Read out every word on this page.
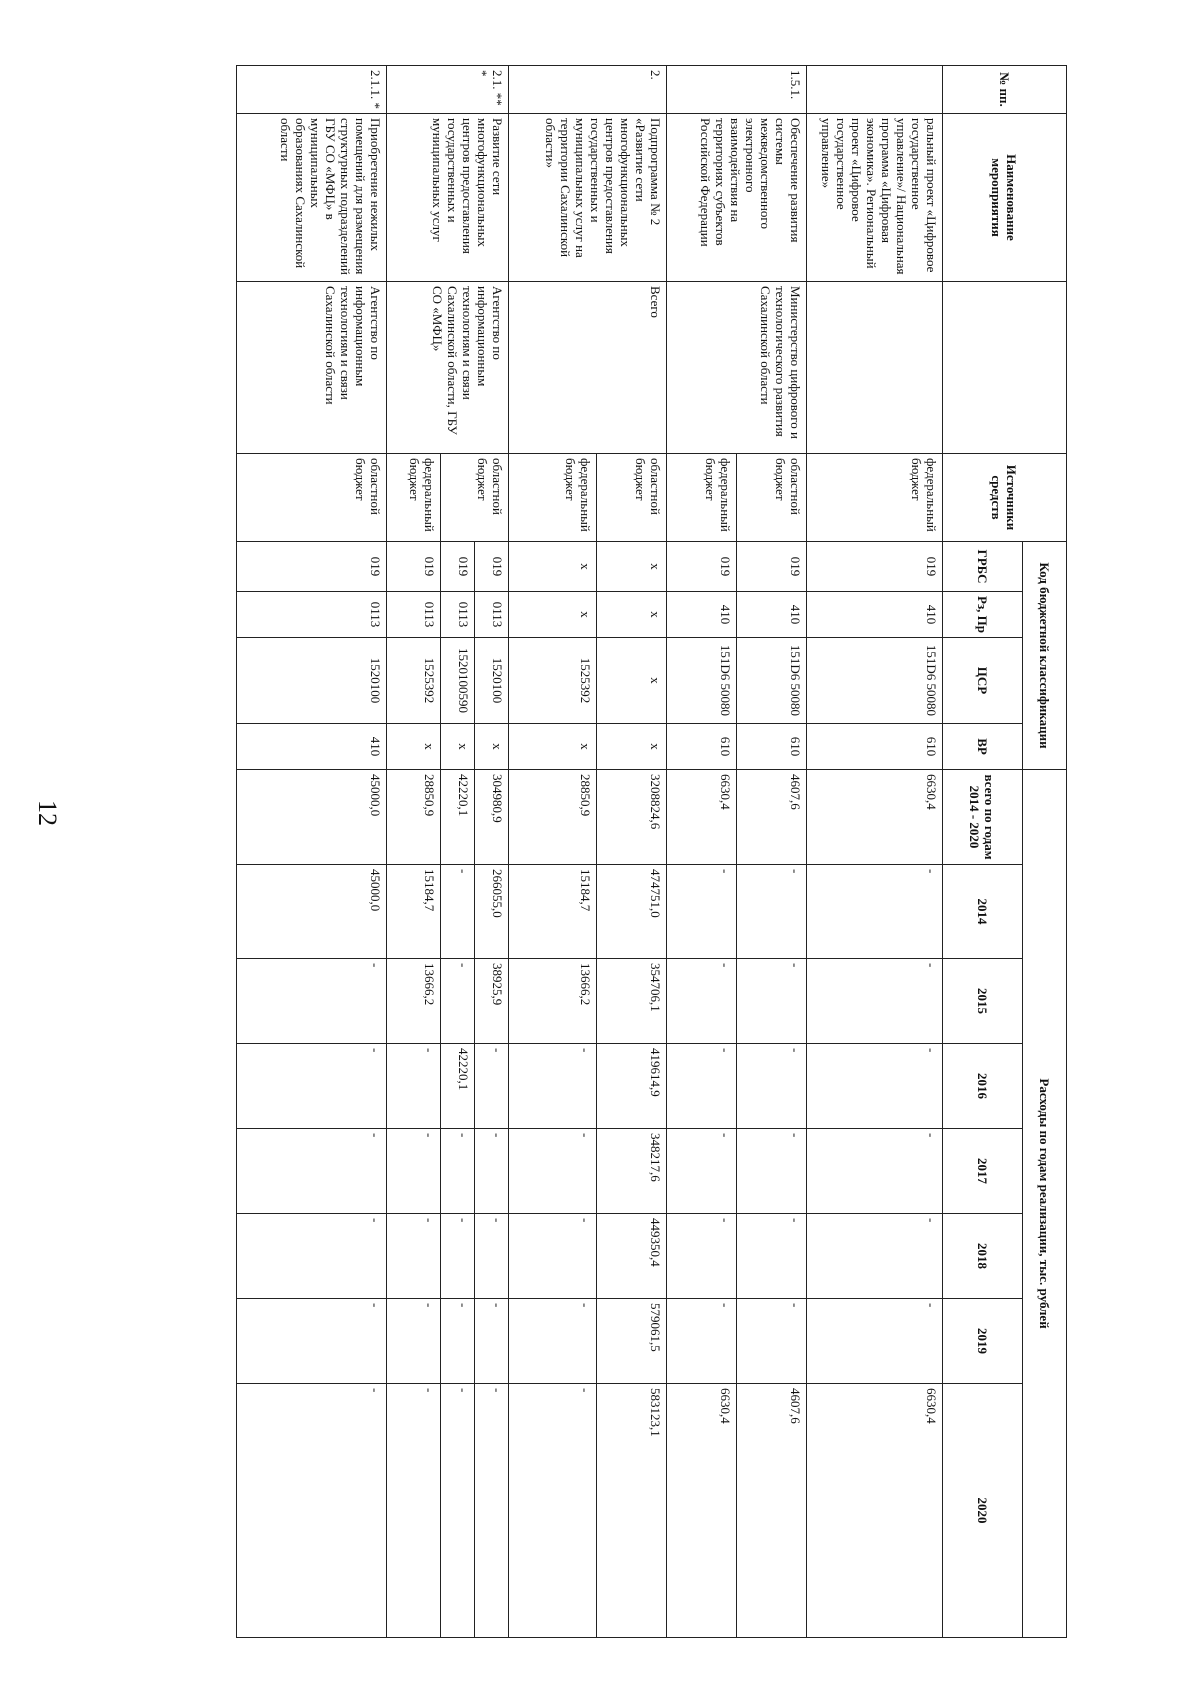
12
№ пп.	Наименование мероприятия		Источники средств	Код бюджетной классификации				Расходы по годам реализации, тыс. рублей							
				ГРБС	Рз, Пр	ЦСР	ВР	всего по годам 2014 - 2020	2014	2015	2016	2017	2018	2019	2020
	ральный проект «Цифровое государственное управление»/ Национальная программа «Цифровая экономика». Региональный проект «Цифровое государственное управление»		федеральный бюджет	019	410	151D6 50080	610	6630,4	-	-	-	-	-	-	6630,4
1.5.1.	Обеспечение развития системы межведомственного электронного взаимодействия на территориях субъектов Российской Федерации	Министерство цифрового и технологического развития Сахалинской области	областной бюджет	019	410	151D6 50080	610	4607,6	-	-	-	-	-	-	4607,6
			федеральный бюджет	019	410	151D6 50080	610	6630,4	-	-	-	-	-	-	6630,4
2.	Подпрограмма № 2 «Развитие сети многофункциональных центров предоставления государственных и муниципальных услуг на территории Сахалинской области»	Всего	областной бюджет	х	х	х	х	3208824,6	474751,0	354706,1	419614,9	348217,6	449350,4	579061,5	583123,1
			федеральный бюджет	х	х	1525392	х	28850,9	15184,7	13666,2	-	-	-	-	-
2.1. ** *	Развитие сети многофункциональных центров предоставления государственных и муниципальных услуг	Агентство по информационным технологиям и связи Сахалинской области, ГБУ СО «МФЦ»	областной бюджет	019	0113	1520100	х	304980,9	266055,0	38925,9	-	-	-	-	-
				019	0113	1520100590	х	42220,1	-	-	42220,1	-	-	-	-
			федеральный бюджет	019	0113	1525392	х	28850,9	15184,7	13666,2	-	-	-	-	-
2.1.1. *	Приобретение нежилых помещений для размещения структурных подразделений ГБУ СО «МФЦ» в муниципальных образованиях Сахалинской области	Агентство по информационным технологиям и связи Сахалинской области	областной бюджет	019	0113	1520100	410	45000,0	45000,0	-	-	-	-	-	-
